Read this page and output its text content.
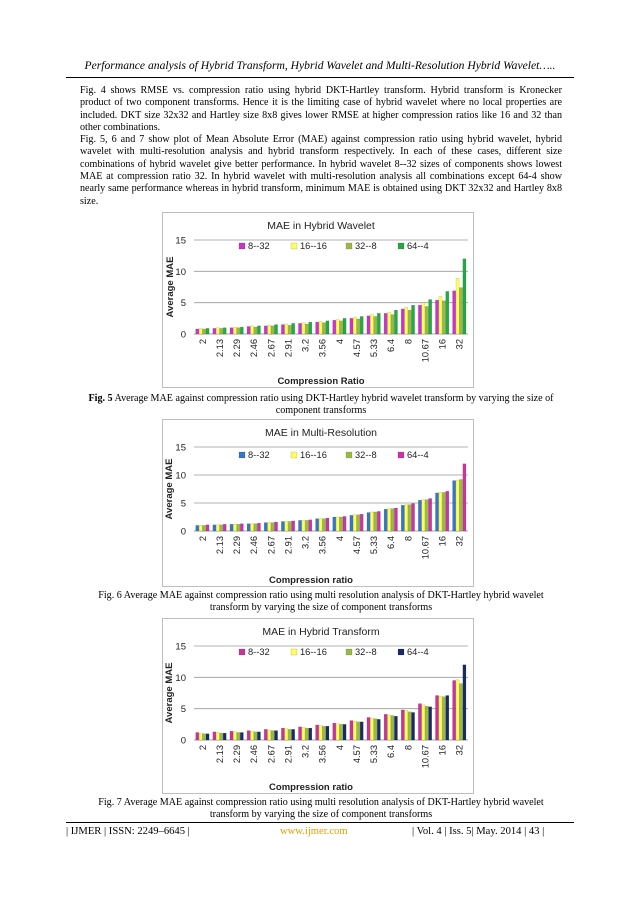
Performance analysis of Hybrid Transform, Hybrid Wavelet and Multi-Resolution Hybrid Wavelet…..

Fig. 4 shows RMSE vs. compression ratio using hybrid DKT-Hartley transform. Hybrid transform is Kronecker product of two component transforms. Hence it is the limiting case of hybrid wavelet where no local properties are included. DKT size 32x32 and Hartley size 8x8 gives lower RMSE at higher compression ratios like 16 and 32 than other combinations.

Fig. 5, 6 and 7 show plot of Mean Absolute Error (MAE) against compression ratio using hybrid wavelet, hybrid wavelet with multi-resolution analysis and hybrid transform respectively. In each of these cases, different size combinations of hybrid wavelet give better performance. In hybrid wavelet 8--32 sizes of components shows lowest MAE at compression ratio 32. In hybrid wavelet with multi-resolution analysis all combinations except 64-4 show nearly same performance whereas in hybrid transform, minimum MAE is obtained using DKT 32x32 and Hartley 8x8 size.

MAE in Hybrid Wavelet
0
5
10
15
Average MAE
2 2.13 2.29 2.46 2.67 2.91 3.2 3.56 4 4.57 5.33 6.4 8 10.67 16 32
Compression Ratio
8--32	16--16	32--8	64--4
Fig. 5 Average MAE against compression ratio using DKT-Hartley hybrid wavelet transform by varying the size of component transforms
MAE in Multi-Resolution
0
5
10
15
Average MAE
2 2.13 2.29 2.46 2.67 2.91 3.2 3.56 4 4.57 5.33 6.4 8 10.67 16 32
Compression ratio
8--32	16--16	32--8	64--4
Fig. 6 Average MAE against compression ratio using multi resolution analysis of DKT-Hartley hybrid wavelet transform by varying the size of component transforms
MAE in Hybrid Transform
0
5
10
15
Average MAE
2 2.13 2.29 2.46 2.67 2.91 3.2 3.56 4 4.57 5.33 6.4 8 10.67 16 32
Compression ratio
8--32	16--16	32--8	64--4
Fig. 7 Average MAE against compression ratio using multi resolution analysis of DKT-Hartley hybrid wavelet transform by varying the size of component transforms
| IJMER | ISSN: 2249–6645 |	www.ijmer.com	| Vol. 4 | Iss. 5| May. 2014 | 43 |
